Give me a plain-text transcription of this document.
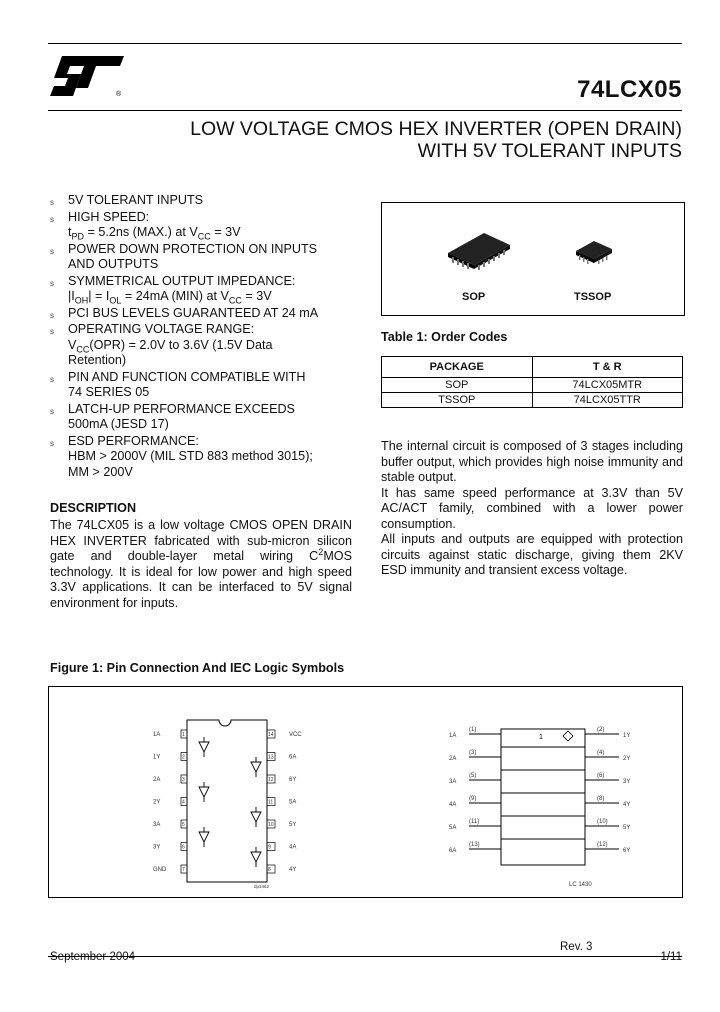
®	74LCX05
LOW VOLTAGE CMOS HEX INVERTER (OPEN DRAIN)
WITH 5V TOLERANT INPUTS
s 5V TOLERANT INPUTS
s HIGH SPEED:
$t_{PD} = 5.2ns$ (MAX.) at $V_{CC} = 3V$
s POWER DOWN PROTECTION ON INPUTS
AND OUTPUTS
s SYMMETRICAL OUTPUT IMPEDANCE:
$|I_{OH}| = I_{OL} = 24mA$ (MIN) at $V_{CC} = 3V$
s PCI BUS LEVELS GUARANTEED AT 24 mA
s OPERATING VOLTAGE RANGE:
$V_{CC}(OPR) = 2.0V$ to 3.6V (1.5V Data
Retention)
s PIN AND FUNCTION COMPATIBLE WITH
74 SERIES 05
s LATCH-UP PERFORMANCE EXCEEDS
500mA (JESD 17)
s ESD PERFORMANCE:
HBM > 2000V (MIL STD 883 method 3015);
MM > 200V
DESCRIPTION
The 74LCX05 is a low voltage CMOS OPEN DRAIN HEX INVERTER fabricated with sub-micron silicon gate and double-layer metal wiring $C^2MOS$ technology. It is ideal for low power and high speed 3.3V applications. It can be interfaced to 5V signal environment for inputs.
SOP	TSSOP
Table 1: Order Codes
PACKAGE	T & R
SOP	74LCX05MTR
TSSOP	74LCX05TTR
The internal circuit is composed of 3 stages including buffer output, which provides high noise immunity and stable output.
It has same speed performance at 3.3V than 5V AC/ACT family, combined with a lower power consumption.
All inputs and outputs are equipped with protection circuits against static discharge, giving them 2KV ESD immunity and transient excess voltage.
Figure 1: Pin Connection And IEC Logic Symbols
1A	1	14	VCC
1Y	2	13	6A
2A	3	12	6Y
2Y	4	11	5A
3A	5	10	5Y
3Y	6	9	4A
GND	7	8	4Y
dp1462
1A
(1)	(2)
1Y
2A
(3)	(4)
2Y
3A
(5)	(6)
3Y
4A
(9)	(8)
4Y
5A
(11)	(10)
5Y
6A
(13)	(12)
6Y
1
LC 1430
Rev. 3
September 2004	1/11
